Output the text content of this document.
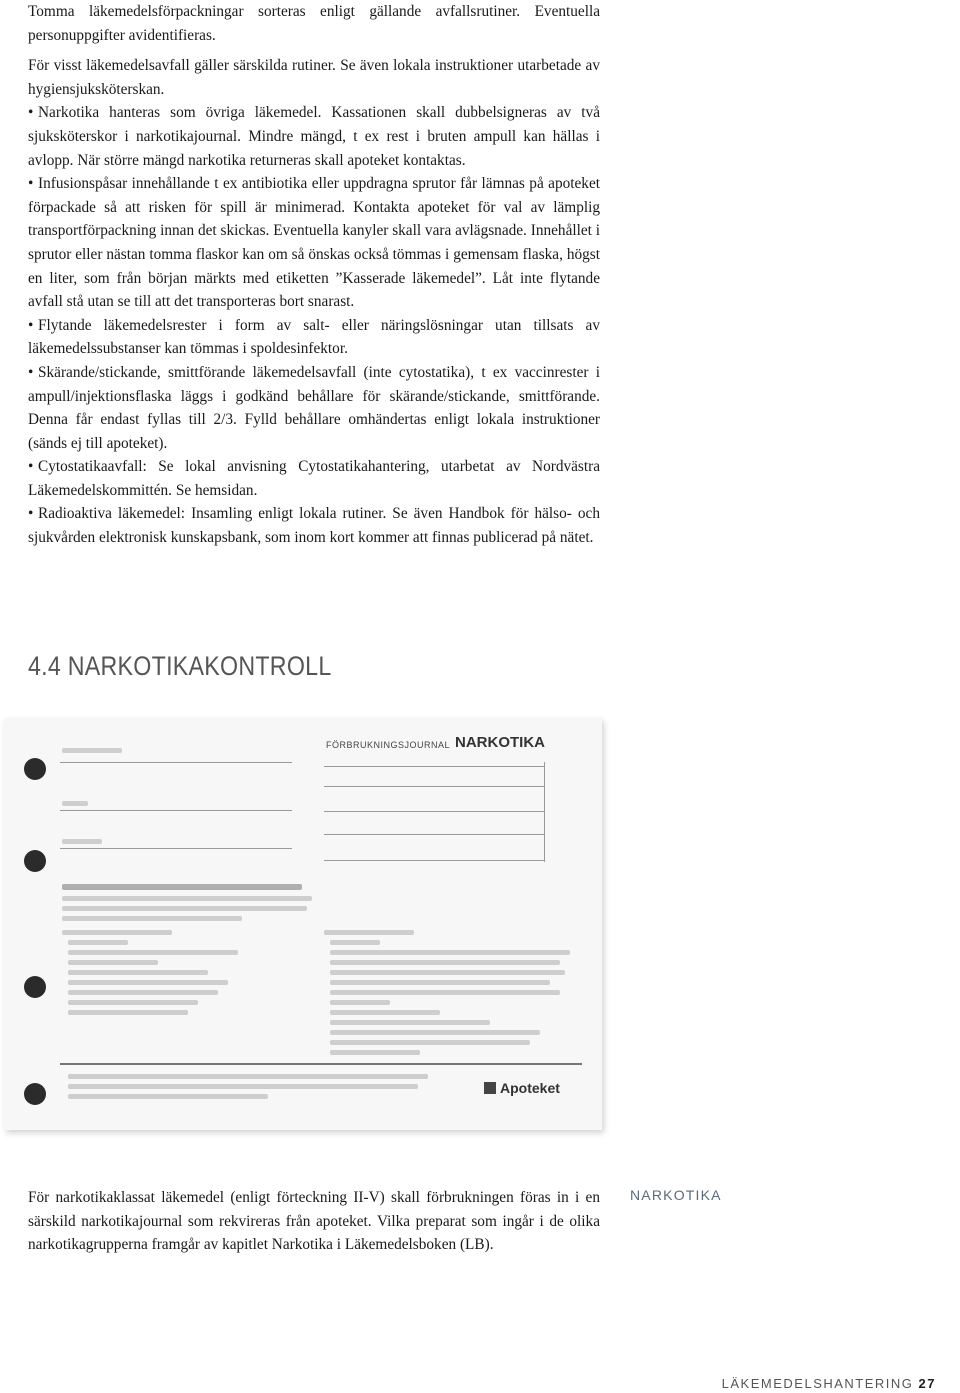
Tomma läkemedelsförpackningar sorteras enligt gällande avfallsrutiner. Eventuella personuppgifter avidentifieras.

För visst läkemedelsavfall gäller särskilda rutiner. Se även lokala instruktioner utarbetade av hygiensjuksköterskan.

• Narkotika hanteras som övriga läkemedel. Kassationen skall dubbelsigneras av två sjuksköterskor i narkotikajournal. Mindre mängd, t ex rest i bruten ampull kan hällas i avlopp. När större mängd narkotika returneras skall apoteket kontaktas.

• Infusionspåsar innehållande t ex antibiotika eller uppdragna sprutor får lämnas på apoteket förpackade så att risken för spill är minimerad. Kontakta apoteket för val av lämplig transportförpackning innan det skickas. Eventuella kanyler skall vara avlägsnade. Innehållet i sprutor eller nästan tomma flaskor kan om så önskas också tömmas i gemensam flaska, högst en liter, som från början märkts med etiketten ”Kasserade läkemedel”. Låt inte flytande avfall stå utan se till att det transporteras bort snarast.

• Flytande läkemedelsrester i form av salt- eller näringslösningar utan tillsats av läkemedelssubstanser kan tömmas i spoldesinfektor.

• Skärande/stickande, smittförande läkemedelsavfall (inte cytostatika), t ex vaccinrester i ampull/injektionsflaska läggs i godkänd behållare för skärande/stickande, smittförande. Denna får endast fyllas till 2/3. Fylld behållare omhändertas enligt lokala instruktioner (sänds ej till apoteket).

• Cytostatikaavfall: Se lokal anvisning Cytostatikahantering, utarbetat av Nordvästra Läkemedelskommittén. Se hemsidan.

• Radioaktiva läkemedel: Insamling enligt lokala rutiner. Se även Handbok för hälso- och sjukvården elektronisk kunskapsbank, som inom kort kommer att finnas publicerad på nätet.

4.4 NARKOTIKAKONTROLL
FÖRBRUKNINGSJOURNAL NARKOTIKA
Apoteket
För narkotikaklassat läkemedel (enligt förteckning II-V) skall förbrukningen föras in i en särskild narkotikajournal som rekvireras från apoteket. Vilka preparat som ingår i de olika narkotikagrupperna framgår av kapitlet Narkotika i Läkemedelsboken (LB).
NARKOTIKA
LÄKEMEDELSHANTERING 27
